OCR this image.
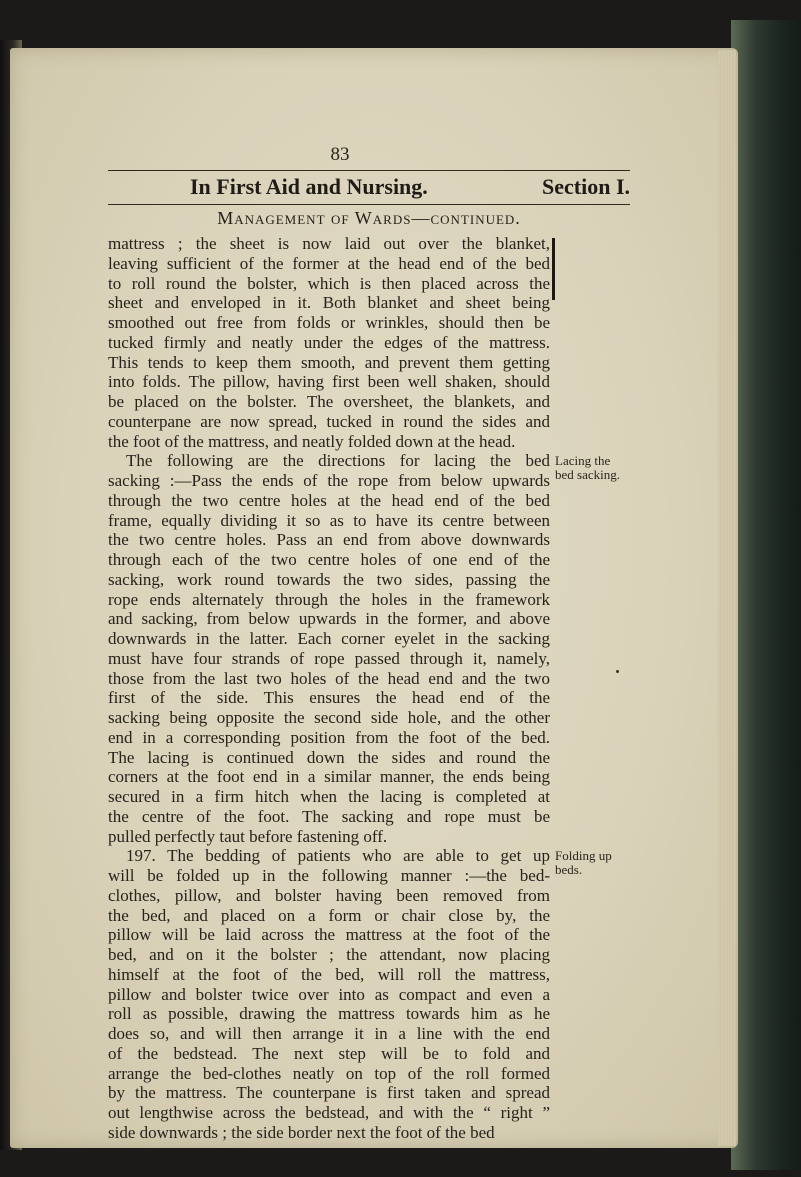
83
In First Aid and Nursing.	Section I.
Management of Wards—continued.
mattress ; the sheet is now laid out over the blanket,
leaving sufficient of the former at the head end of the bed
to roll round the bolster, which is then placed across the
sheet and enveloped in it. Both blanket and sheet being
smoothed out free from folds or wrinkles, should then be
tucked firmly and neatly under the edges of the mattress.
This tends to keep them smooth, and prevent them getting
into folds. The pillow, having first been well shaken, should
be placed on the bolster. The oversheet, the blankets, and
counterpane are now spread, tucked in round the sides and
the foot of the mattress, and neatly folded down at the head.
The following are the directions for lacing the bed
sacking :—Pass the ends of the rope from below upwards
through the two centre holes at the head end of the bed
frame, equally dividing it so as to have its centre between
the two centre holes. Pass an end from above downwards
through each of the two centre holes of one end of the
sacking, work round towards the two sides, passing the
rope ends alternately through the holes in the framework
and sacking, from below upwards in the former, and above
downwards in the latter. Each corner eyelet in the sacking
must have four strands of rope passed through it, namely,
those from the last two holes of the head end and the two
first of the side. This ensures the head end of the
sacking being opposite the second side hole, and the other
end in a corresponding position from the foot of the bed.
The lacing is continued down the sides and round the
corners at the foot end in a similar manner, the ends being
secured in a firm hitch when the lacing is completed at
the centre of the foot. The sacking and rope must be
pulled perfectly taut before fastening off.
197. The bedding of patients who are able to get up
will be folded up in the following manner :—the bed-
clothes, pillow, and bolster having been removed from
the bed, and placed on a form or chair close by, the
pillow will be laid across the mattress at the foot of the
bed, and on it the bolster ; the attendant, now placing
himself at the foot of the bed, will roll the mattress,
pillow and bolster twice over into as compact and even a
roll as possible, drawing the mattress towards him as he
does so, and will then arrange it in a line with the end
of the bedstead. The next step will be to fold and
arrange the bed-clothes neatly on top of the roll formed
by the mattress. The counterpane is first taken and spread
out lengthwise across the bedstead, and with the “ right ”
side downwards ; the side border next the foot of the bed
Lacing the
bed sacking.
Folding up
beds.
